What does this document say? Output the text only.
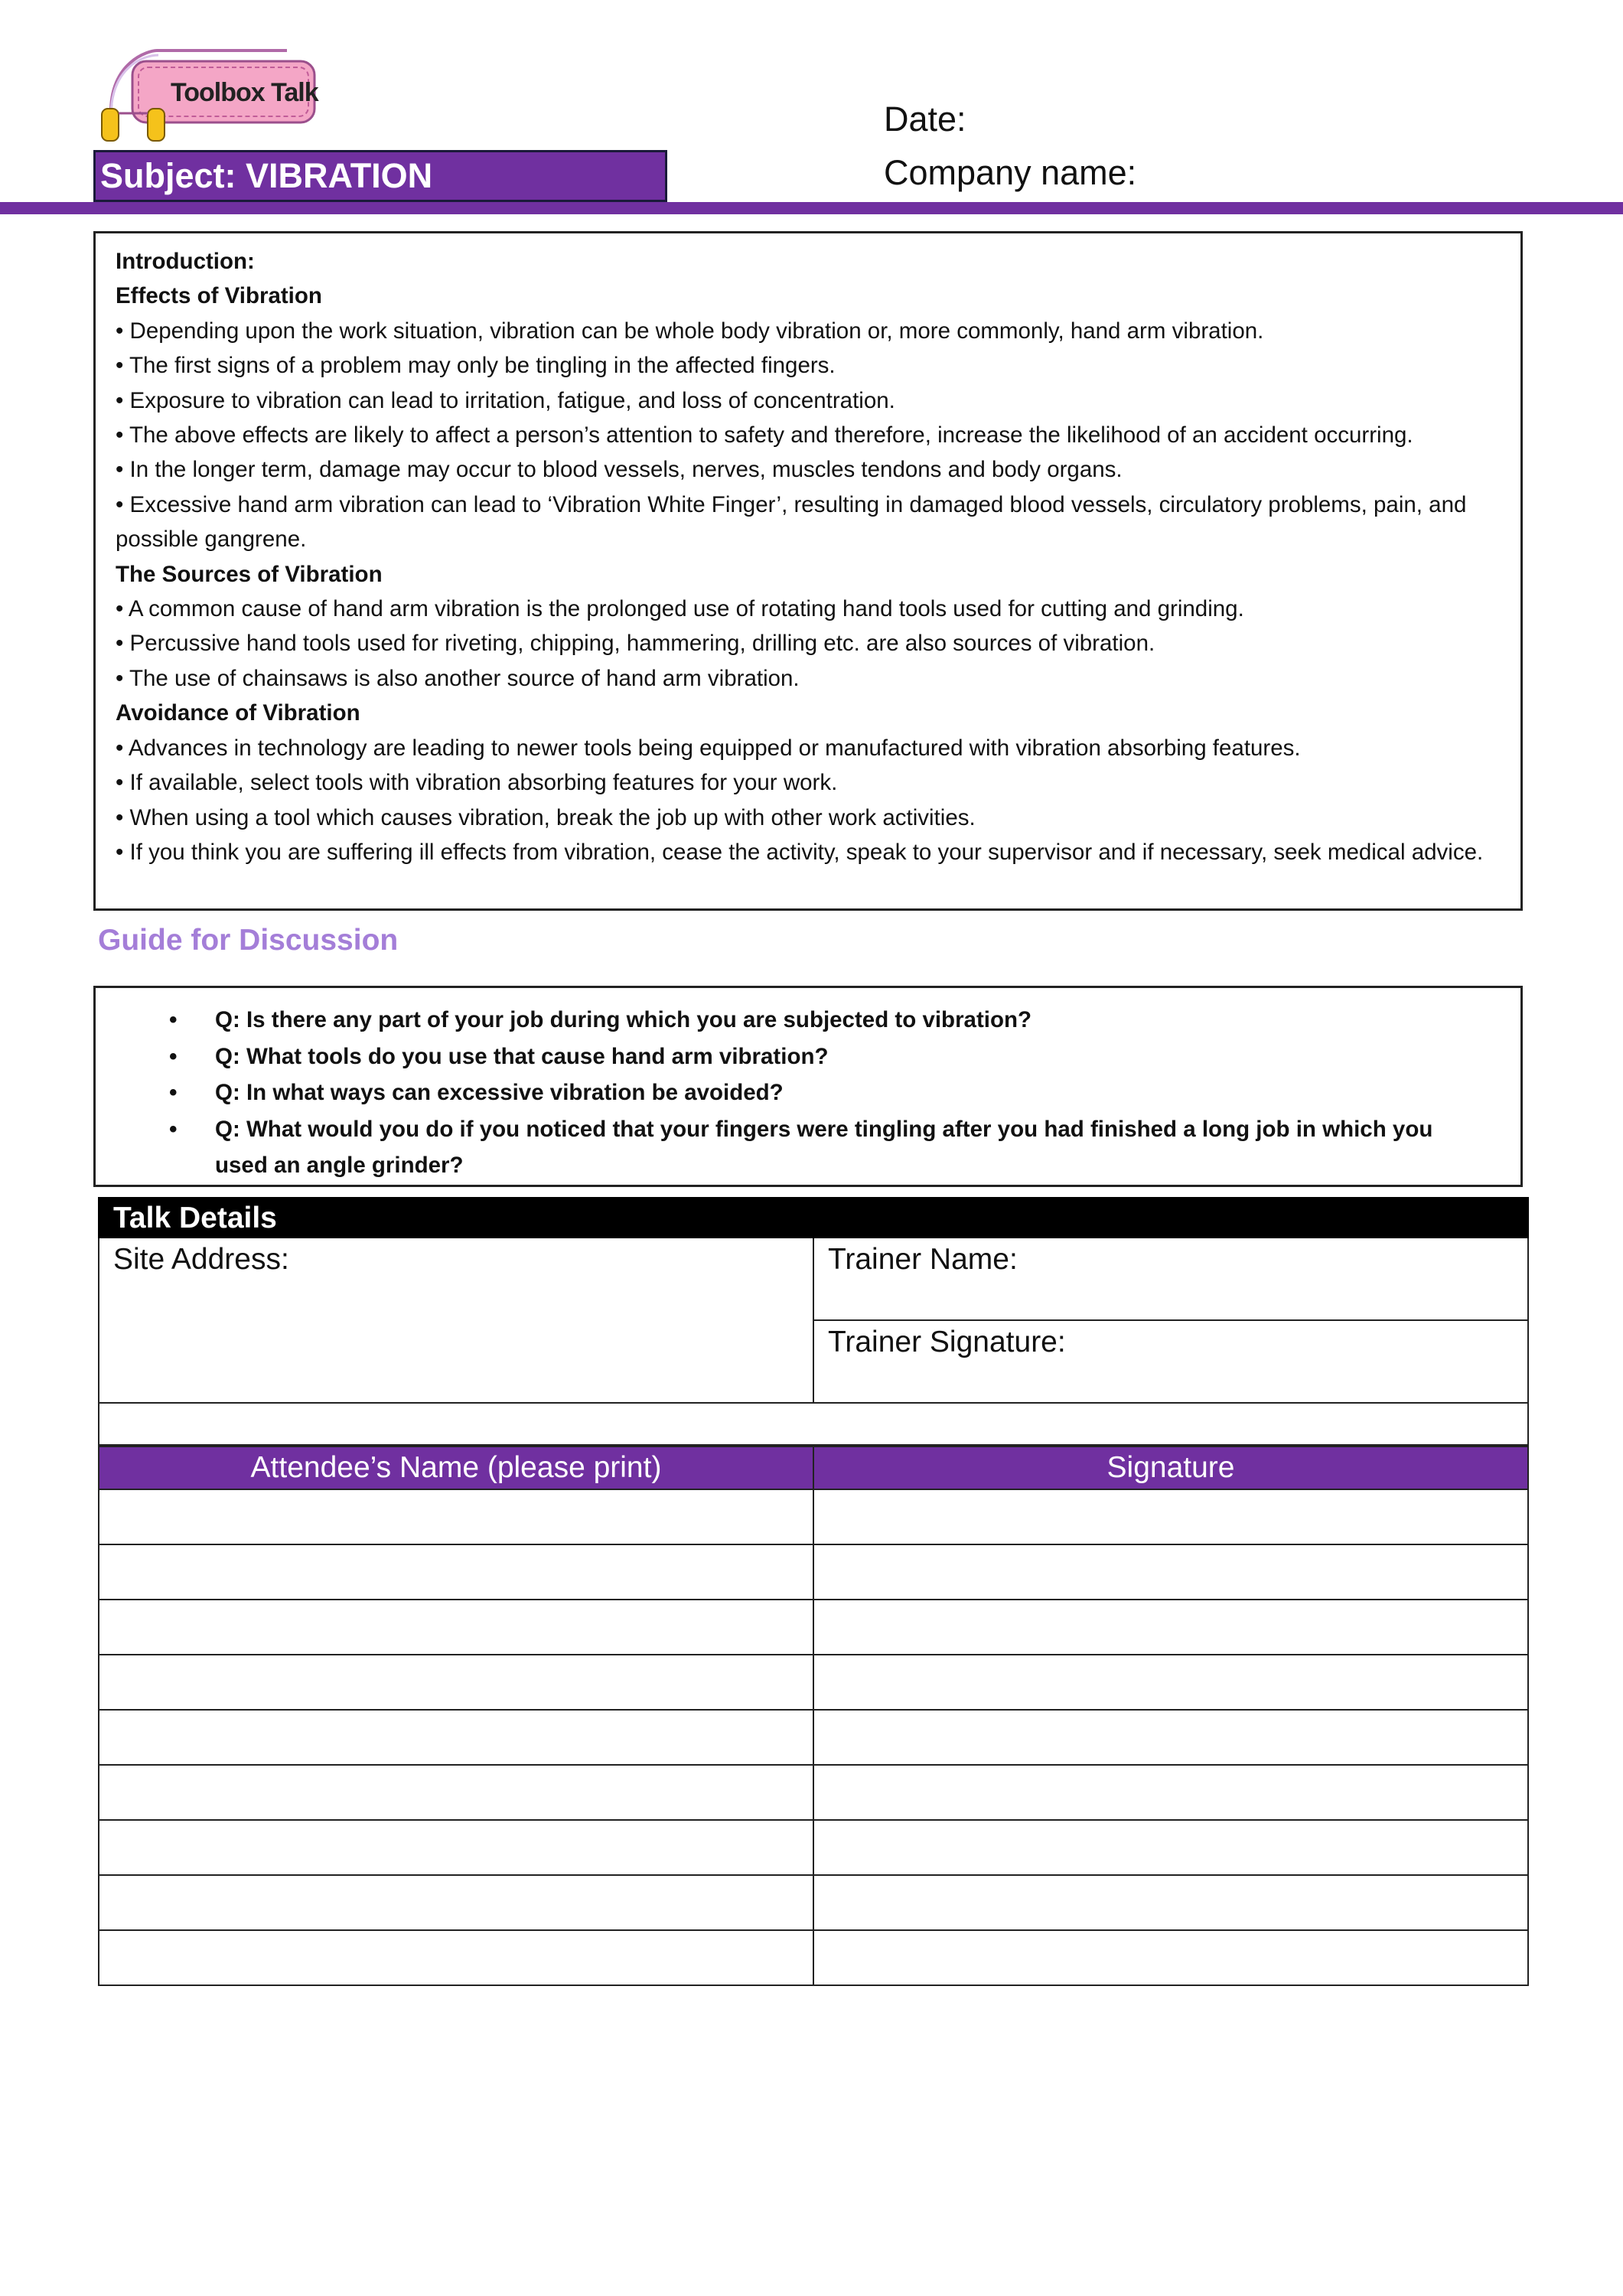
Toolbox Talk
Subject: VIBRATION
Date:
Company name:

Introduction:

Effects of Vibration

• Depending upon the work situation, vibration can be whole body vibration or, more commonly, hand arm vibration.

• The first signs of a problem may only be tingling in the affected fingers.

• Exposure to vibration can lead to irritation, fatigue, and loss of concentration.

• The above effects are likely to affect a person’s attention to safety and therefore, increase the likelihood of an accident occurring.

• In the longer term, damage may occur to blood vessels, nerves, muscles tendons and body organs.

• Excessive hand arm vibration can lead to ‘Vibration White Finger’, resulting in damaged blood vessels, circulatory problems, pain, and possible gangrene.

The Sources of Vibration

• A common cause of hand arm vibration is the prolonged use of rotating hand tools used for cutting and grinding.

• Percussive hand tools used for riveting, chipping, hammering, drilling etc. are also sources of vibration.

• The use of chainsaws is also another source of hand arm vibration.

Avoidance of Vibration

• Advances in technology are leading to newer tools being equipped or manufactured with vibration absorbing features.

• If available, select tools with vibration absorbing features for your work.

• When using a tool which causes vibration, break the job up with other work activities.

• If you think you are suffering ill effects from vibration, cease the activity, speak to your supervisor and if necessary, seek medical advice.

Guide for Discussion
• Q: Is there any part of your job during which you are subjected to vibration?
• Q: What tools do you use that cause hand arm vibration?
• Q: In what ways can excessive vibration be avoided?
• Q: What would you do if you noticed that your fingers were tingling after you had finished a long job in which you used an angle grinder?
Talk Details
Site Address:	Trainer Name:
Trainer Signature:
Attendee’s Name (please print)	Signature
